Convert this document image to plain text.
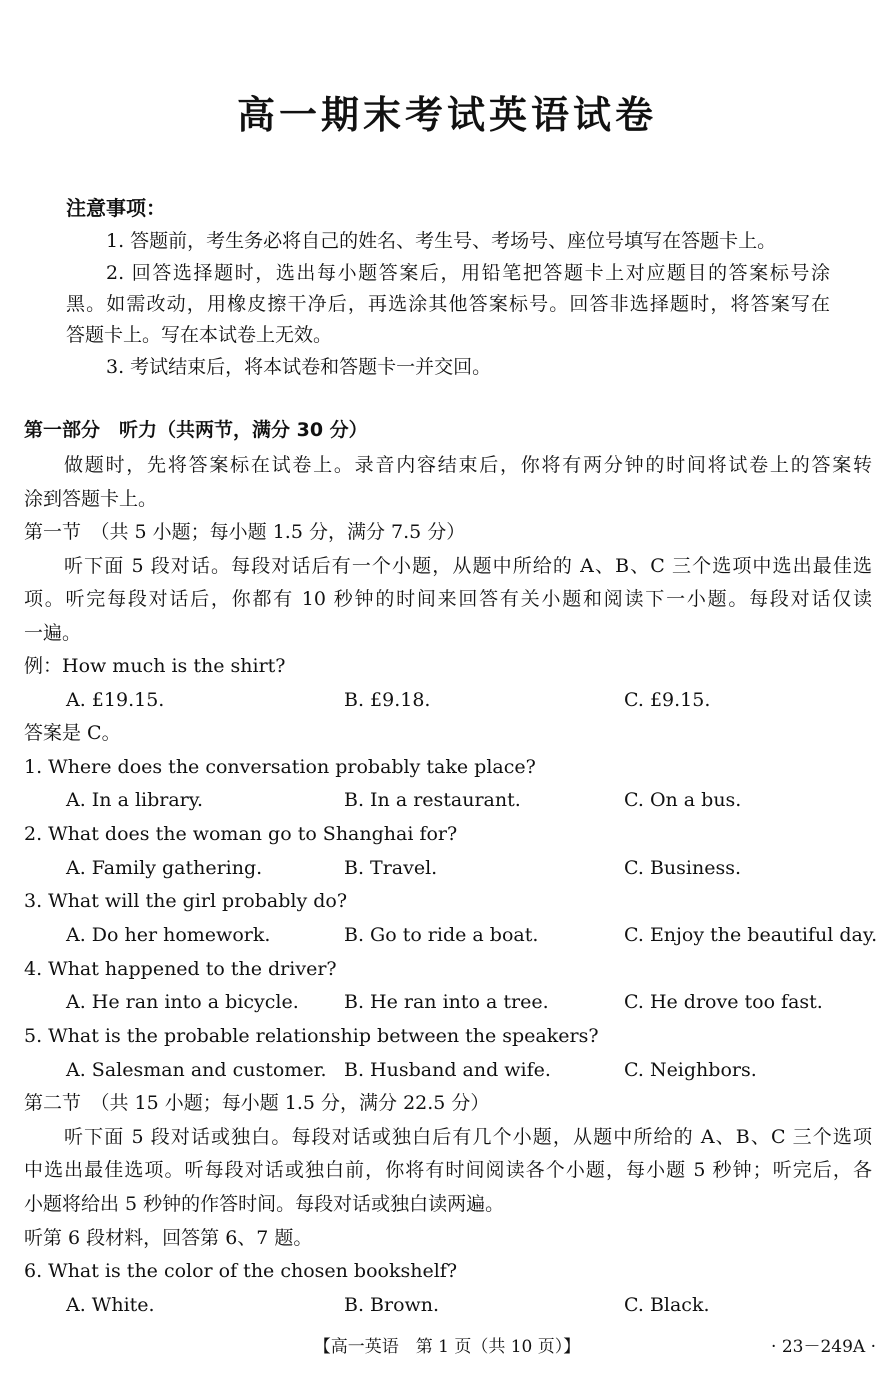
高一期末考试英语试卷
注意事项：
1. 答题前，考生务必将自己的姓名、考生号、考场号、座位号填写在答题卡上。
2. 回答选择题时，选出每小题答案后，用铅笔把答题卡上对应题目的答案标号涂
黑。如需改动，用橡皮擦干净后，再选涂其他答案标号。回答非选择题时，将答案写在
答题卡上。写在本试卷上无效。
3. 考试结束后，将本试卷和答题卡一并交回。
第一部分　听力（共两节，满分 30 分）
做题时，先将答案标在试卷上。录音内容结束后，你将有两分钟的时间将试卷上的答案转
涂到答题卡上。
第一节　（共 5 小题；每小题 1.5 分，满分 7.5 分）
听下面 5 段对话。每段对话后有一个小题，从题中所给的 A、B、C 三个选项中选出最佳选
项。听完每段对话后，你都有 10 秒钟的时间来回答有关小题和阅读下一小题。每段对话仅读
一遍。
例：How much is the shirt?
A. £19.15.	B. £9.18.	C. £9.15.
答案是 C。
1. Where does the conversation probably take place?
A. In a library.	B. In a restaurant.	C. On a bus.
2. What does the woman go to Shanghai for?
A. Family gathering.	B. Travel.	C. Business.
3. What will the girl probably do?
A. Do her homework.	B. Go to ride a boat.	C. Enjoy the beautiful day.
4. What happened to the driver?
A. He ran into a bicycle. B. He ran into a tree.	C. He drove too fast.
5. What is the probable relationship between the speakers?
A. Salesman and customer. B. Husband and wife.	C. Neighbors.
第二节　（共 15 小题；每小题 1.5 分，满分 22.5 分）
听下面 5 段对话或独白。每段对话或独白后有几个小题，从题中所给的 A、B、C 三个选项
中选出最佳选项。听每段对话或独白前，你将有时间阅读各个小题，每小题 5 秒钟；听完后，各
小题将给出 5 秒钟的作答时间。每段对话或独白读两遍。
听第 6 段材料，回答第 6、7 题。
6. What is the color of the chosen bookshelf?
A. White.	B. Brown.	C. Black.
【高一英语　第 1 页（共 10 页）】	· 23－249A ·
